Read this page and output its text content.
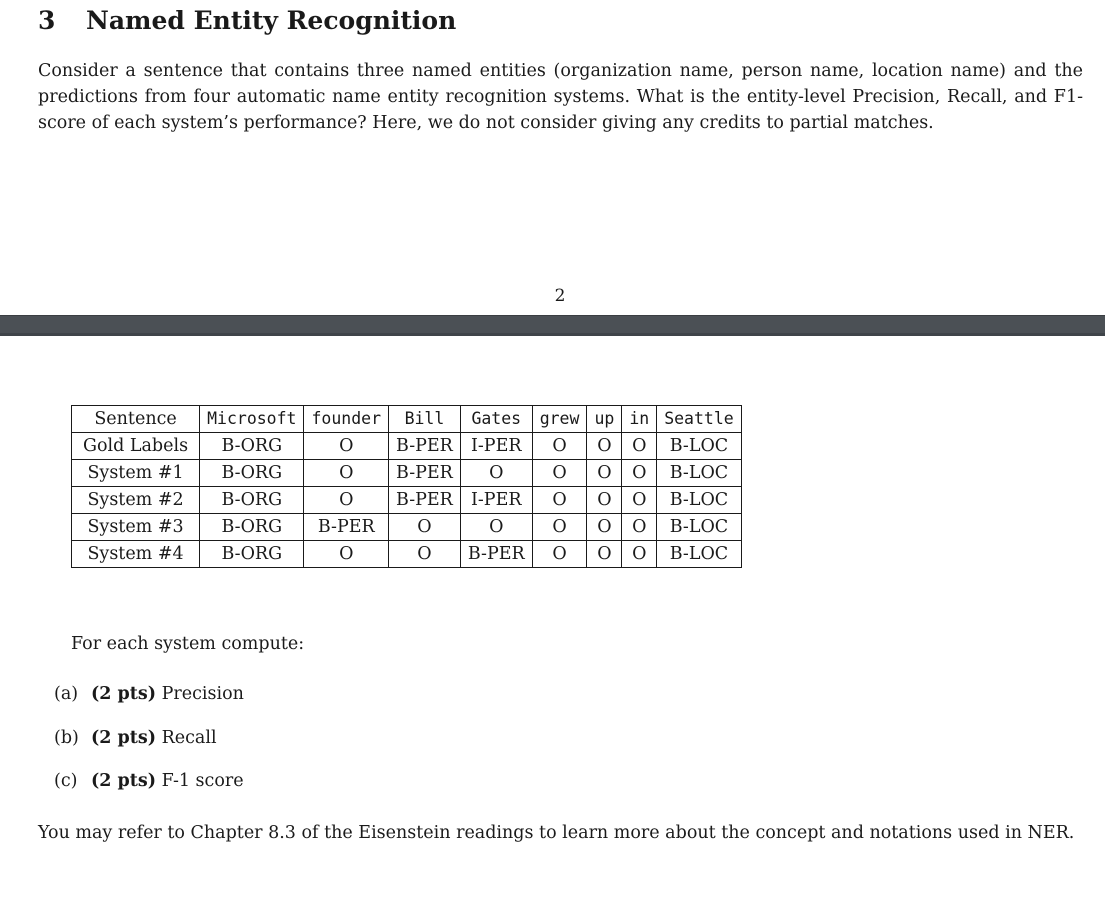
3 Named Entity Recognition

Consider a sentence that contains three named entities (organization name, person name, location name) and the predictions from four automatic name entity recognition systems. What is the entity-level Precision, Recall, and F1-score of each system’s performance? Here, we do not consider giving any credits to partial matches.

2
Sentence	Microsoft	founder	Bill	Gates	grew	up	in	Seattle
Gold Labels	B-ORG	O	B-PER	I-PER	O	O	O	B-LOC
System #1	B-ORG	O	B-PER	O	O	O	O	B-LOC
System #2	B-ORG	O	B-PER	I-PER	O	O	O	B-LOC
System #3	B-ORG	B-PER	O	O	O	O	O	B-LOC
System #4	B-ORG	O	O	B-PER	O	O	O	B-LOC

For each system compute:

(a) (2 pts) Precision
(b) (2 pts) Recall
(c) (2 pts) F-1 score

You may refer to Chapter 8.3 of the Eisenstein readings to learn more about the concept and notations used in NER.
